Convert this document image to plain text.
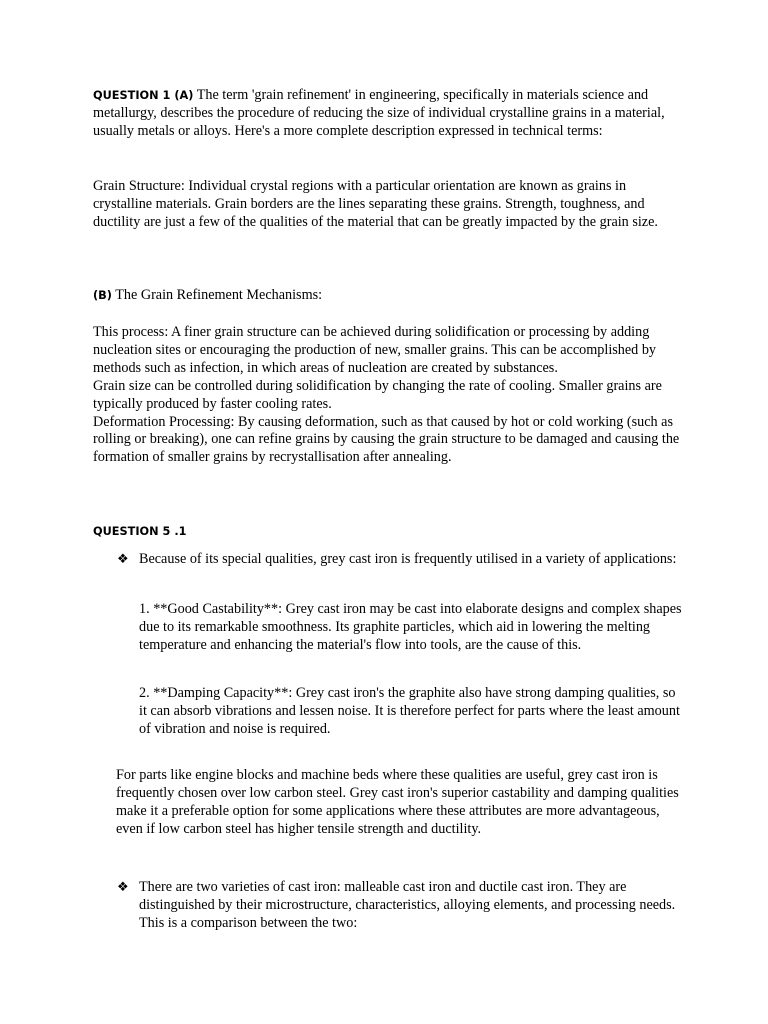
QUESTION 1 (A) The term 'grain refinement' in engineering, specifically in materials science and metallurgy, describes the procedure of reducing the size of individual crystalline grains in a material, usually metals or alloys. Here's a more complete description expressed in technical terms:

Grain Structure: Individual crystal regions with a particular orientation are known as grains in crystalline materials. Grain borders are the lines separating these grains. Strength, toughness, and ductility are just a few of the qualities of the material that can be greatly impacted by the grain size.

(B) The Grain Refinement Mechanisms:

This process: A finer grain structure can be achieved during solidification or processing by adding nucleation sites or encouraging the production of new, smaller grains. This can be accomplished by methods such as infection, in which areas of nucleation are created by substances.
Grain size can be controlled during solidification by changing the rate of cooling. Smaller grains are typically produced by faster cooling rates.
Deformation Processing: By causing deformation, such as that caused by hot or cold working (such as rolling or breaking), one can refine grains by causing the grain structure to be damaged and causing the formation of smaller grains by recrystallisation after annealing.

QUESTION 5 .1

❖ Because of its special qualities, grey cast iron is frequently utilised in a variety of applications:

1. **Good Castability**: Grey cast iron may be cast into elaborate designs and complex shapes due to its remarkable smoothness. Its graphite particles, which aid in lowering the melting temperature and enhancing the material's flow into tools, are the cause of this.

2. **Damping Capacity**: Grey cast iron's the graphite also have strong damping qualities, so it can absorb vibrations and lessen noise. It is therefore perfect for parts where the least amount of vibration and noise is required.

For parts like engine blocks and machine beds where these qualities are useful, grey cast iron is frequently chosen over low carbon steel. Grey cast iron's superior castability and damping qualities make it a preferable option for some applications where these attributes are more advantageous, even if low carbon steel has higher tensile strength and ductility.

❖ There are two varieties of cast iron: malleable cast iron and ductile cast iron. They are distinguished by their microstructure, characteristics, alloying elements, and processing needs. This is a comparison between the two:
